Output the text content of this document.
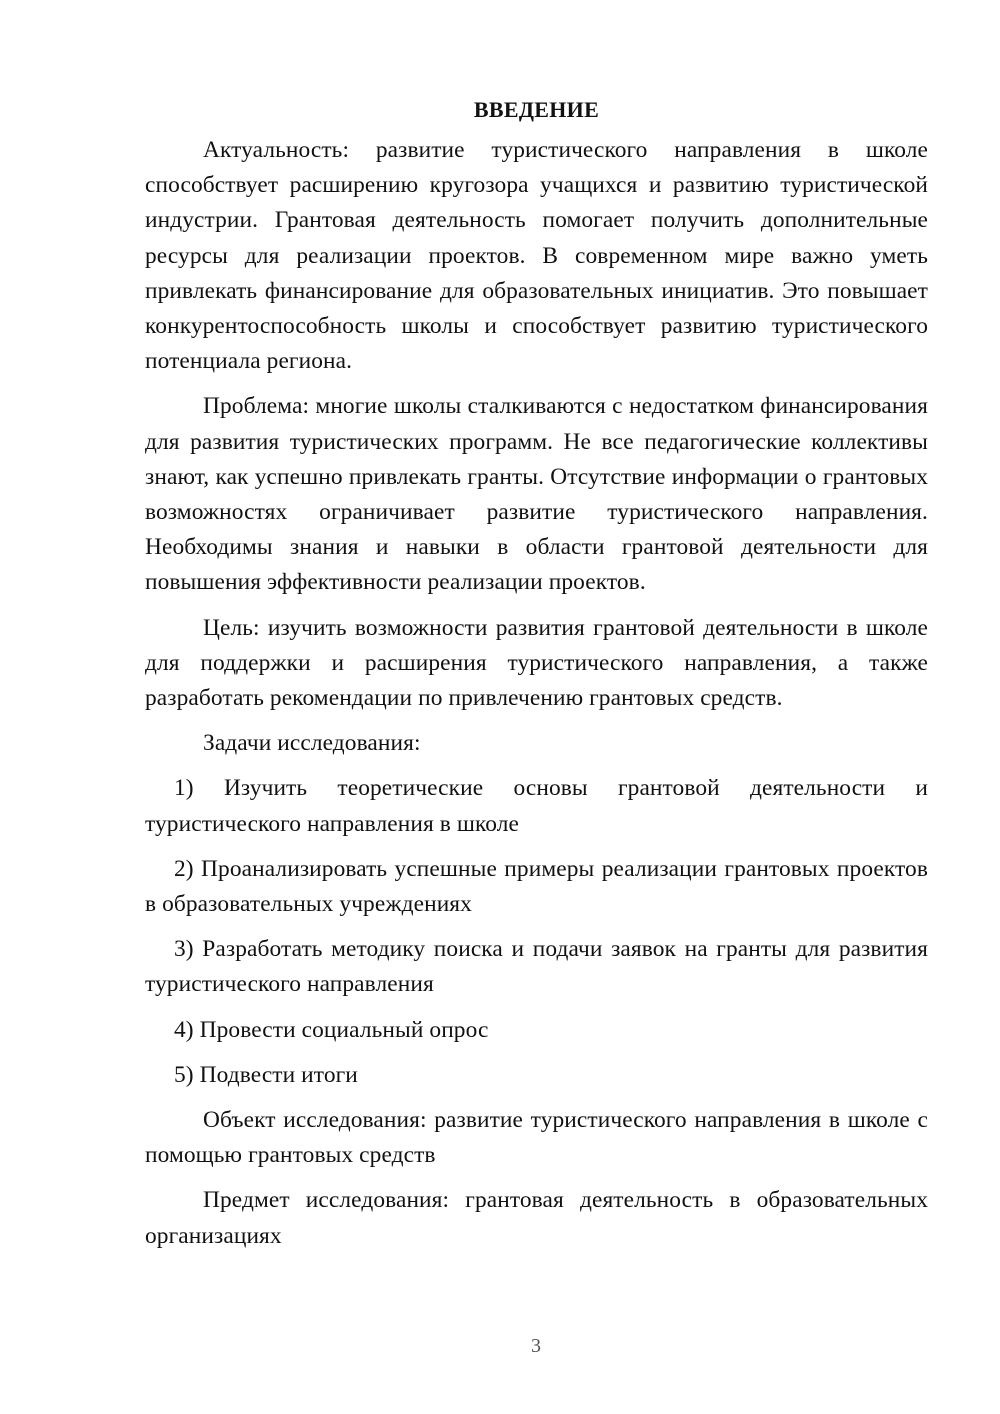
ВВЕДЕНИЕ

Актуальность: развитие туристического направления в школе способствует расширению кругозора учащихся и развитию туристической индустрии. Грантовая деятельность помогает получить дополнительные ресурсы для реализации проектов. В современном мире важно уметь привлекать финансирование для образовательных инициатив. Это повышает конкурентоспособность школы и способствует развитию туристического потенциала региона.

Проблема: многие школы сталкиваются с недостатком финансирования для развития туристических программ. Не все педагогические коллективы знают, как успешно привлекать гранты. Отсутствие информации о грантовых возможностях ограничивает развитие туристического направления. Необходимы знания и навыки в области грантовой деятельности для повышения эффективности реализации проектов.

Цель: изучить возможности развития грантовой деятельности в школе для поддержки и расширения туристического направления, а также разработать рекомендации по привлечению грантовых средств.

Задачи исследования:

1) Изучить теоретические основы грантовой деятельности и туристического направления в школе

2) Проанализировать успешные примеры реализации грантовых проектов в образовательных учреждениях

3) Разработать методику поиска и подачи заявок на гранты для развития туристического направления

4) Провести социальный опрос

5) Подвести итоги

Объект исследования: развитие туристического направления в школе с помощью грантовых средств

Предмет исследования: грантовая деятельность в образовательных организациях

3
